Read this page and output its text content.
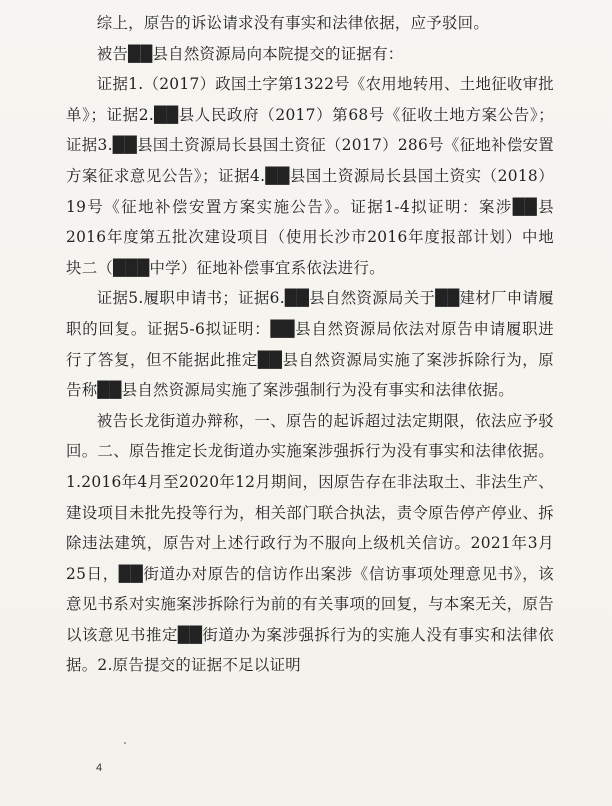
综上，原告的诉讼请求没有事实和法律依据，应予驳回。

被告██县自然资源局向本院提交的证据有：

证据1.（2017）政国土字第1322号《农用地转用、土地征收审批单》；证据2.██县人民政府（2017）第68号《征收土地方案公告》；证据3.██县国土资源局长县国土资征（2017）286号《征地补偿安置方案征求意见公告》；证据4.██县国土资源局长县国土资实（2018）19号《征地补偿安置方案实施公告》。证据1-4拟证明：案涉██县2016年度第五批次建设项目（使用长沙市2016年度报部计划）中地块二（███中学）征地补偿事宜系依法进行。

证据5.履职申请书；证据6.██县自然资源局关于██建材厂申请履职的回复。证据5-6拟证明：██县自然资源局依法对原告申请履职进行了答复，但不能据此推定██县自然资源局实施了案涉拆除行为，原告称██县自然资源局实施了案涉强制行为没有事实和法律依据。

被告长龙街道办辩称，一、原告的起诉超过法定期限，依法应予驳回。二、原告推定长龙街道办实施案涉强拆行为没有事实和法律依据。1.2016年4月至2020年12月期间，因原告存在非法取土、非法生产、建设项目未批先投等行为，相关部门联合执法，责令原告停产停业、拆除违法建筑，原告对上述行政行为不服向上级机关信访。2021年3月25日，██街道办对原告的信访作出案涉《信访事项处理意见书》，该意见书系对实施案涉拆除行为前的有关事项的回复，与本案无关，原告以该意见书推定██街道办为案涉强拆行为的实施人没有事实和法律依据。2.原告提交的证据不足以证明

4
